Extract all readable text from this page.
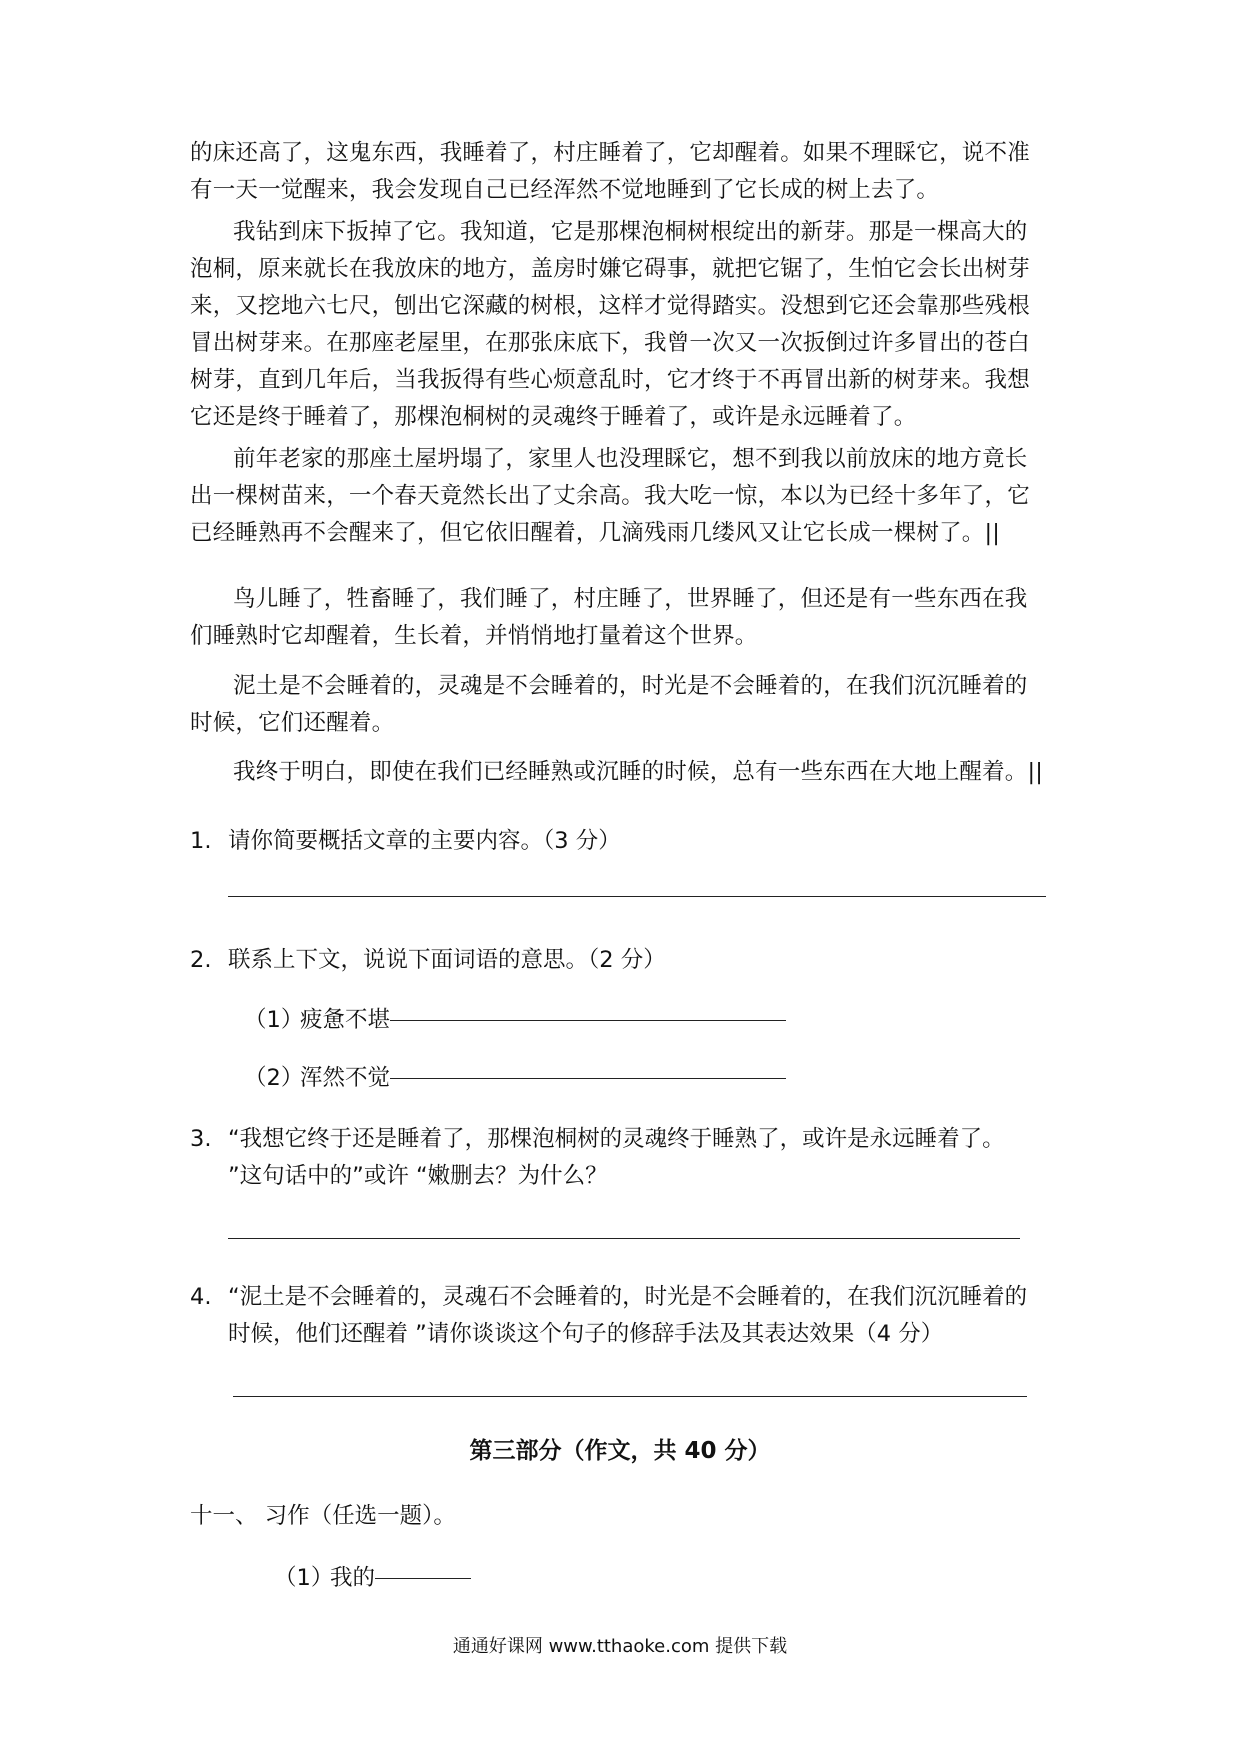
的床还高了，这鬼东西，我睡着了，村庄睡着了，它却醒着。如果不理睬它，说不准
有一天一觉醒来，我会发现自己已经浑然不觉地睡到了它长成的树上去了。
我钻到床下扳掉了它。我知道，它是那棵泡桐树根绽出的新芽。那是一棵高大的
泡桐，原来就长在我放床的地方，盖房时嫌它碍事，就把它锯了，生怕它会长出树芽
来，又挖地六七尺，刨出它深藏的树根，这样才觉得踏实。没想到它还会靠那些残根
冒出树芽来。在那座老屋里，在那张床底下，我曾一次又一次扳倒过许多冒出的苍白
树芽，直到几年后，当我扳得有些心烦意乱时，它才终于不再冒出新的树芽来。我想
它还是终于睡着了，那棵泡桐树的灵魂终于睡着了，或许是永远睡着了。
前年老家的那座土屋坍塌了，家里人也没理睬它，想不到我以前放床的地方竟长
出一棵树苗来，一个春天竟然长出了丈余高。我大吃一惊，本以为已经十多年了，它
已经睡熟再不会醒来了，但它依旧醒着，几滴残雨几缕风又让它长成一棵树了。||
鸟儿睡了，牲畜睡了，我们睡了，村庄睡了，世界睡了，但还是有一些东西在我
们睡熟时它却醒着，生长着，并悄悄地打量着这个世界。
泥土是不会睡着的，灵魂是不会睡着的，时光是不会睡着的，在我们沉沉睡着的
时候，它们还醒着。
我终于明白，即使在我们已经睡熟或沉睡的时候，总有一些东西在大地上醒着。||
1. 请你简要概括文章的主要内容。（3 分）
2. 联系上下文，说说下面词语的意思。（2 分）
（1）疲惫不堪
（2）浑然不觉
3. “我想它终于还是睡着了，那棵泡桐树的灵魂终于睡熟了，或许是永远睡着了。
”这句话中的”或许 “嫩删去？为什么？
4. “泥土是不会睡着的，灵魂石不会睡着的，时光是不会睡着的，在我们沉沉睡着的
时候，他们还醒着 ”请你谈谈这个句子的修辞手法及其表达效果（4 分）
第三部分（作文，共 40 分）
十一、 习作（任选一题）。
（1）我的
通通好课网 www.tthaoke.com 提供下载
